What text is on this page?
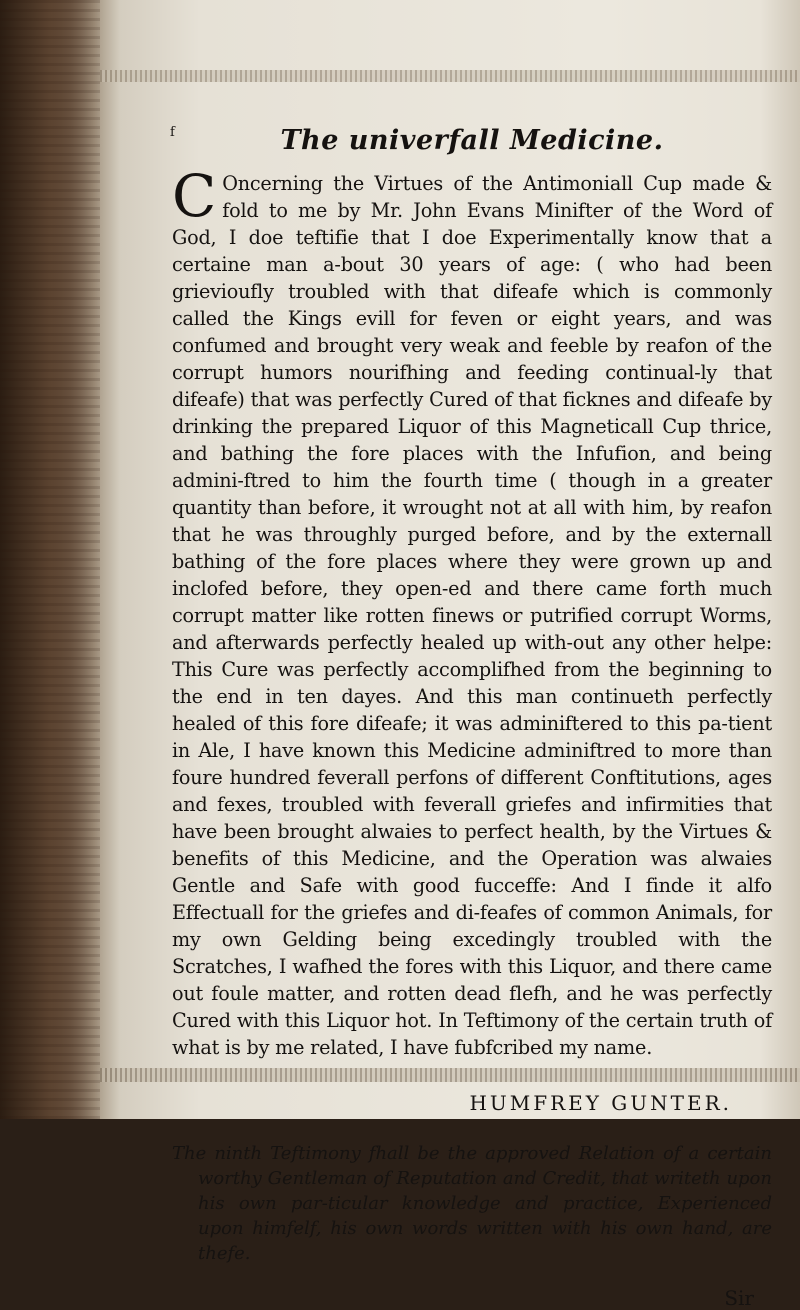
f	The univerfall Medicine.

C Oncerning the Virtues of the Antimoniall Cup made & fold to me by Mr. John Evans Minifter of the Word of God, I doe teftifie that I doe Experimentally know that a certaine man a-bout 30 years of age: ( who had been grievioufly troubled with that difeafe which is commonly called the Kings evill for feven or eight years, and was confumed and brought very weak and feeble by reafon of the corrupt humors nourifhing and feeding continual-ly that difeafe) that was perfectly Cured of that ficknes and difeafe by drinking the prepared Liquor of this Magneticall Cup thrice, and bathing the fore places with the Infufion, and being admini-ftred to him the fourth time ( though in a greater quantity than before, it wrought not at all with him, by reafon that he was throughly purged before, and by the externall bathing of the fore places where they were grown up and inclofed before, they open-ed and there came forth much corrupt matter like rotten finews or putrified corrupt Worms, and afterwards perfectly healed up with-out any other helpe: This Cure was perfectly accomplifhed from the beginning to the end in ten dayes. And this man continueth perfectly healed of this fore difeafe; it was adminiftered to this pa-tient in Ale, I have known this Medicine adminiftred to more than foure hundred feverall perfons of different Conftitutions, ages and fexes, troubled with feverall griefes and infirmities that have been brought alwaies to perfect health, by the Virtues & benefits of this Medicine, and the Operation was alwaies Gentle and Safe with good fucceffe: And I finde it alfo Effectuall for the griefes and di-feafes of common Animals, for my own Gelding being excedingly troubled with the Scratches, I wafhed the fores with this Liquor, and there came out foule matter, and rotten dead flefh, and he was perfectly Cured with this Liquor hot. In Teftimony of the certain truth of what is by me related, I have fubfcribed my name.

HUMFREY GUNTER.

The ninth Teftimony fhall be the approved Relation of a certain worthy Gentleman of Reputation and Credit, that writeth upon his own par-ticular knowledge and practice, Experienced upon himfelf, his own words written with his own hand, are thefe.

Sir
